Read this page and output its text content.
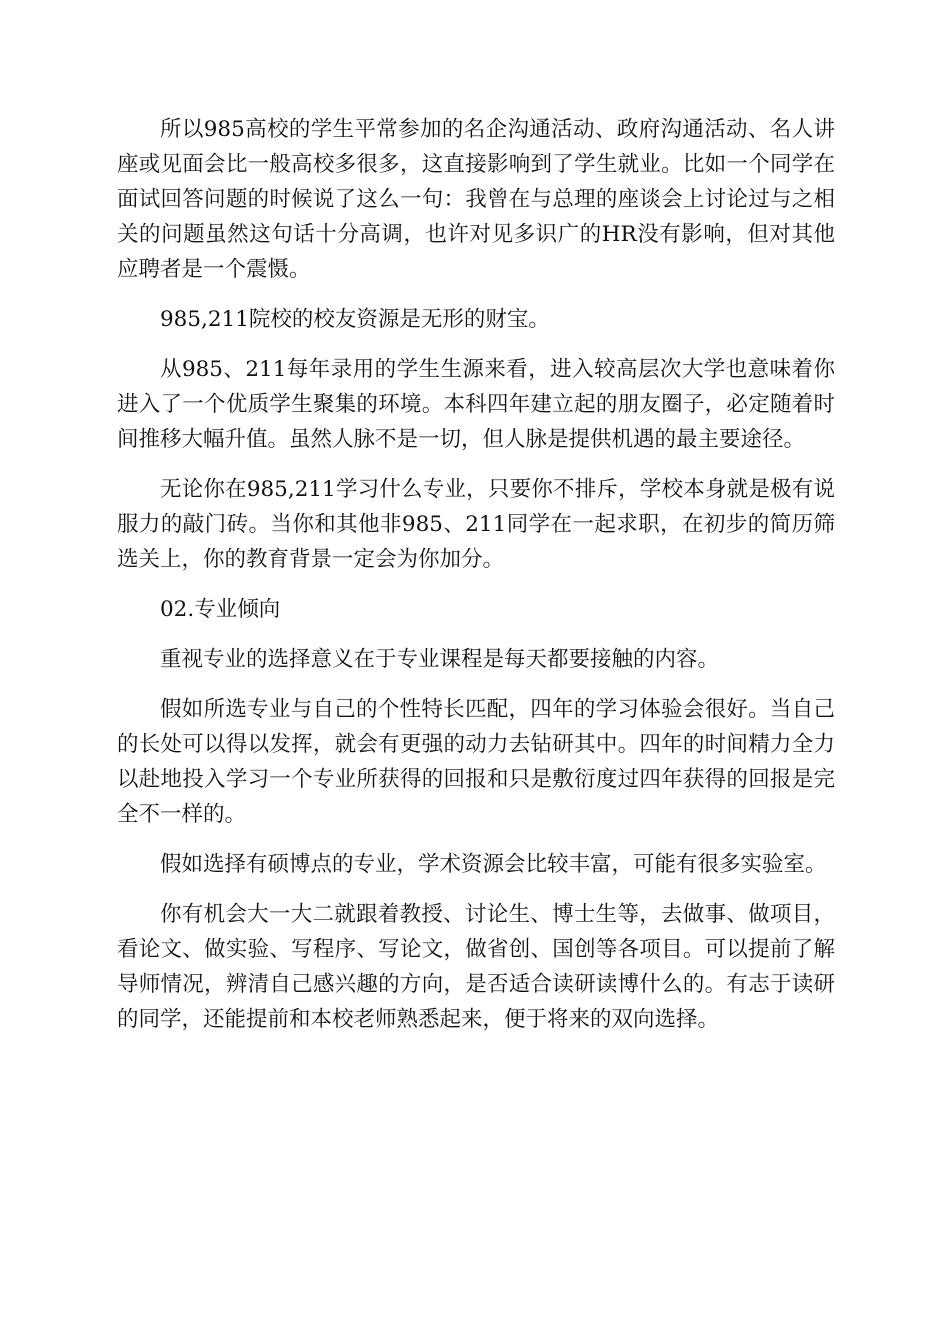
所以985高校的学生平常参加的名企沟通活动、政府沟通活动、名人讲座或见面会比一般高校多很多，这直接影响到了学生就业。比如一个同学在面试回答问题的时候说了这么一句：我曾在与总理的座谈会上讨论过与之相关的问题虽然这句话十分高调，也许对见多识广的HR没有影响，但对其他应聘者是一个震慑。

985,211院校的校友资源是无形的财宝。

从985、211每年录用的学生生源来看，进入较高层次大学也意味着你进入了一个优质学生聚集的环境。本科四年建立起的朋友圈子，必定随着时间推移大幅升值。虽然人脉不是一切，但人脉是提供机遇的最主要途径。

无论你在985,211学习什么专业，只要你不排斥，学校本身就是极有说服力的敲门砖。当你和其他非985、211同学在一起求职，在初步的简历筛选关上，你的教育背景一定会为你加分。

02.专业倾向

重视专业的选择意义在于专业课程是每天都要接触的内容。

假如所选专业与自己的个性特长匹配，四年的学习体验会很好。当自己的长处可以得以发挥，就会有更强的动力去钻研其中。四年的时间精力全力以赴地投入学习一个专业所获得的回报和只是敷衍度过四年获得的回报是完全不一样的。

假如选择有硕博点的专业，学术资源会比较丰富，可能有很多实验室。

你有机会大一大二就跟着教授、讨论生、博士生等，去做事、做项目，看论文、做实验、写程序、写论文，做省创、国创等各项目。可以提前了解导师情况，辨清自己感兴趣的方向，是否适合读研读博什么的。有志于读研的同学，还能提前和本校老师熟悉起来，便于将来的双向选择。
